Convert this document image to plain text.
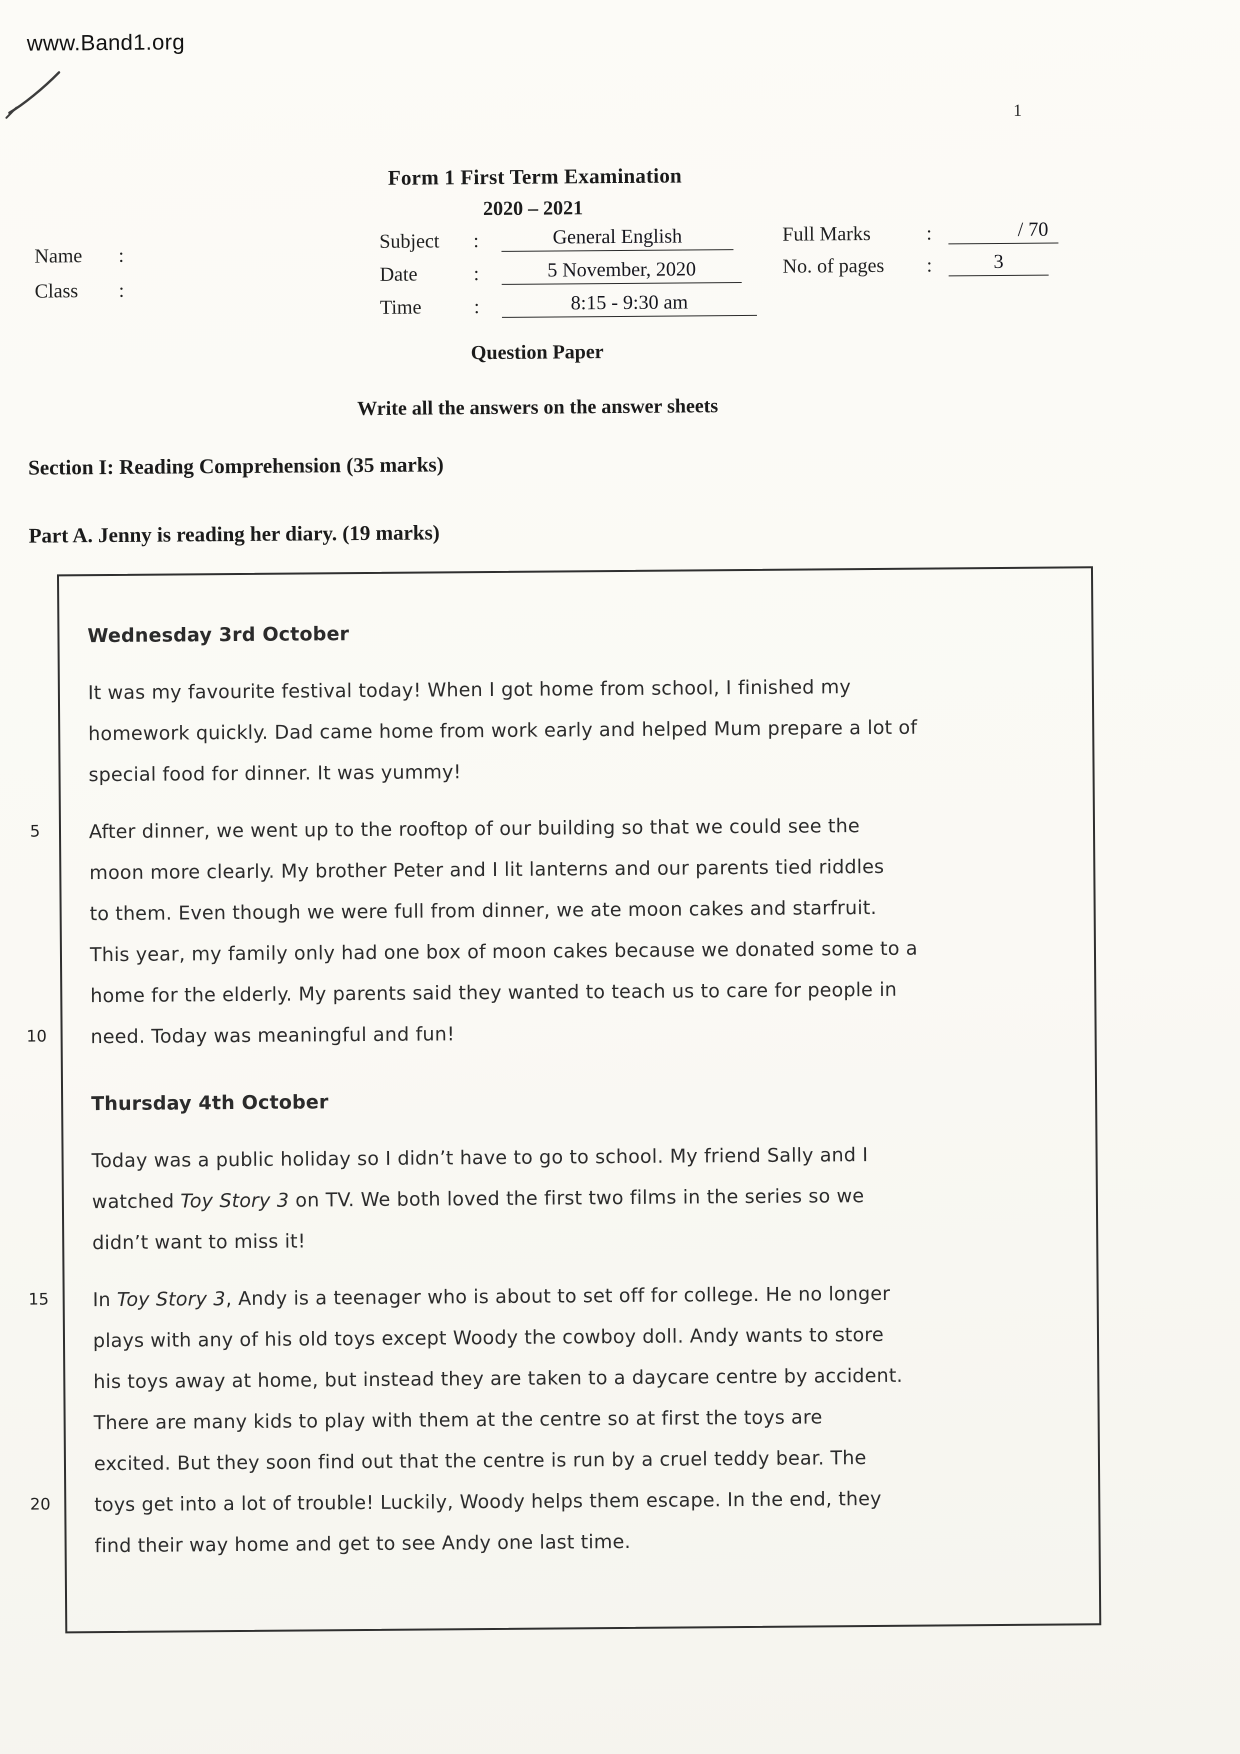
www.Band1.org
1
Form 1 First Term Examination
2020 – 2021
Name :
Class :
Subject :	General English
Date	:	5 November, 2020
Time	:	8:15 - 9:30 am
Full Marks	:	/ 70
No. of pages :	3
Question Paper
Write all the answers on the answer sheets
Section I: Reading Comprehension (35 marks)
Part A. Jenny is reading her diary. (19 marks)
5
10
15
20
Wednesday 3rd October
It was my favourite festival today! When I got home from school, I finished my
homework quickly. Dad came home from work early and helped Mum prepare a lot of
special food for dinner. It was yummy!
After dinner, we went up to the rooftop of our building so that we could see the
moon more clearly. My brother Peter and I lit lanterns and our parents tied riddles
to them. Even though we were full from dinner, we ate moon cakes and starfruit.
This year, my family only had one box of moon cakes because we donated some to a
home for the elderly. My parents said they wanted to teach us to care for people in
need. Today was meaningful and fun!
Thursday 4th October
Today was a public holiday so I didn’t have to go to school. My friend Sally and I
watched Toy Story 3 on TV. We both loved the first two films in the series so we
didn’t want to miss it!
In Toy Story 3, Andy is a teenager who is about to set off for college. He no longer
plays with any of his old toys except Woody the cowboy doll. Andy wants to store
his toys away at home, but instead they are taken to a daycare centre by accident.
There are many kids to play with them at the centre so at first the toys are
excited. But they soon find out that the centre is run by a cruel teddy bear. The
toys get into a lot of trouble! Luckily, Woody helps them escape. In the end, they
find their way home and get to see Andy one last time.
